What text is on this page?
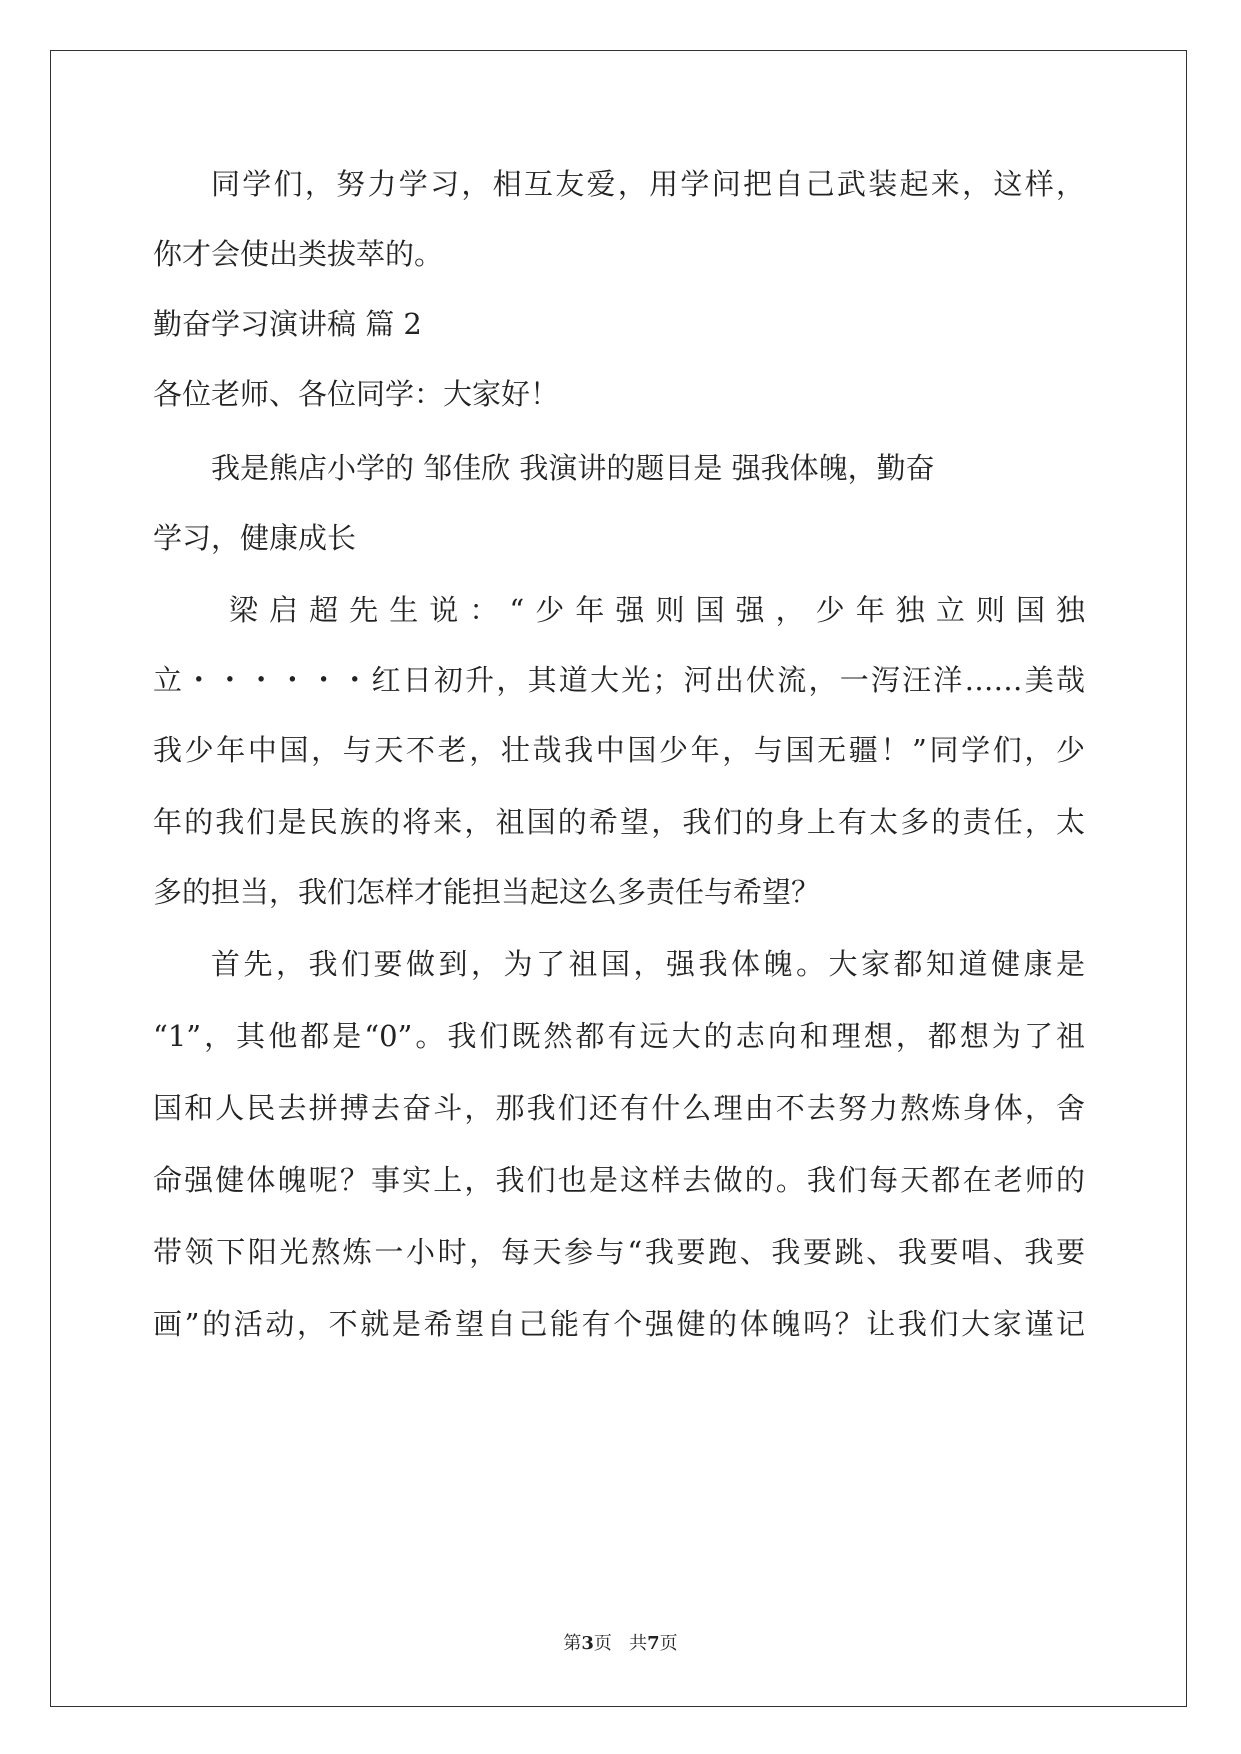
同学们，努力学习，相互友爱，用学问把自己武装起来，这样，
你才会使出类拔萃的。
勤奋学习演讲稿 篇 2
各位老师、各位同学：大家好！
我是熊店小学的 邹佳欣 我演讲的题目是 强我体魄，勤奋
学习，健康成长
梁启超先生说：“少年强则国强，少年独立则国独
立・・・・・・红日初升，其道大光；河出伏流，一泻汪洋……美哉
我少年中国，与天不老，壮哉我中国少年，与国无疆！”同学们，少
年的我们是民族的将来，祖国的希望，我们的身上有太多的责任，太
多的担当，我们怎样才能担当起这么多责任与希望？
首先，我们要做到，为了祖国，强我体魄。大家都知道健康是
“1”，其他都是“0”。我们既然都有远大的志向和理想，都想为了祖
国和人民去拼搏去奋斗，那我们还有什么理由不去努力熬炼身体，舍
命强健体魄呢？事实上，我们也是这样去做的。我们每天都在老师的
带领下阳光熬炼一小时，每天参与“我要跑、我要跳、我要唱、我要
画”的活动，不就是希望自己能有个强健的体魄吗？让我们大家谨记
第3页   共7页
